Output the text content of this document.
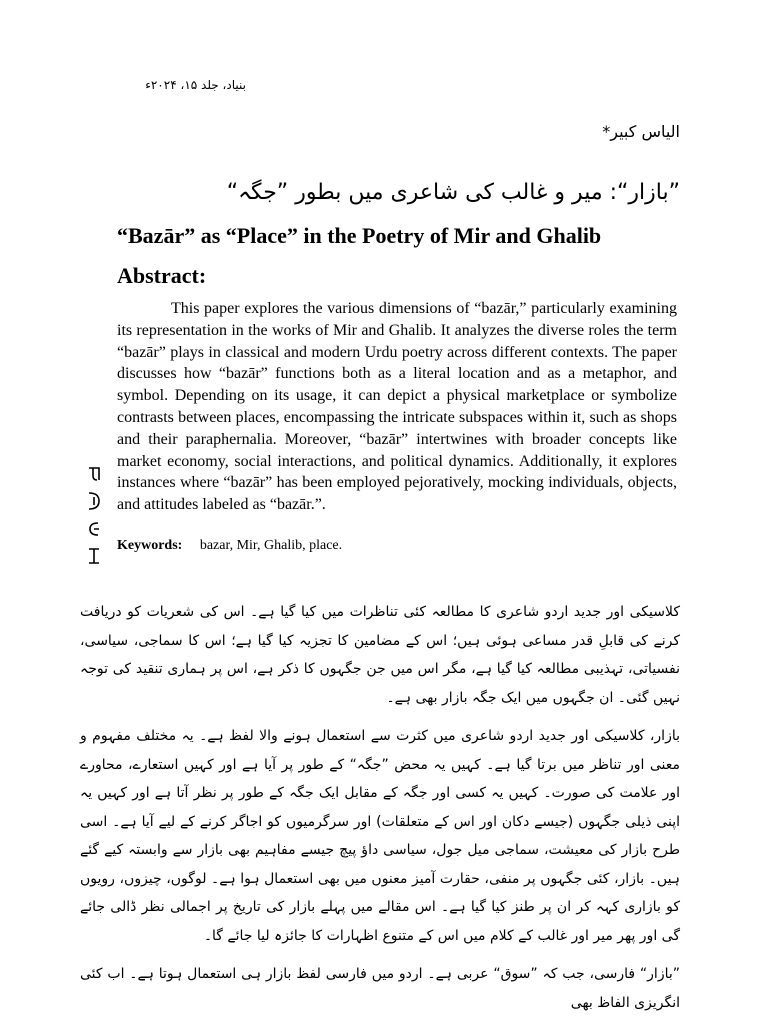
بنیاد، جلد ۱۵، ۲۰۲۴ء
الیاس کبیر*
”بازار“: میر و غالب کی شاعری میں بطور ”جگہ“
“Bazār” as “Place” in the Poetry of Mir and Ghalib
Abstract:

This paper explores the various dimensions of “bazār,” particularly examining its representation in the works of Mir and Ghalib. It analyzes the diverse roles the term “bazār” plays in classical and modern Urdu poetry across different contexts. The paper discusses how “bazār” functions both as a literal location and as a metaphor, and symbol. Depending on its usage, it can depict a physical marketplace or symbolize contrasts between places, encompassing the intricate subspaces within it, such as shops and their paraphernalia. Moreover, “bazār” intertwines with broader concepts like market economy, social interactions, and political dynamics. Additionally, it explores instances where “bazār” has been employed pejoratively, mocking individuals, objects, and attitudes labeled as “bazār.”.

Keywords: bazar, Mir, Ghalib, place.

کلاسیکی اور جدید اردو شاعری کا مطالعہ کئی تناظرات میں کیا گیا ہے۔ اس کی شعریات کو دریافت کرنے کی قابلِ قدر مساعی ہوئی ہیں؛ اس کے مضامین کا تجزیہ کیا گیا ہے؛ اس کا سماجی، سیاسی، نفسیاتی، تہذیبی مطالعہ کیا گیا ہے، مگر اس میں جن جگہوں کا ذکر ہے، اس پر ہماری تنقید کی توجہ نہیں گئی۔ ان جگہوں میں ایک جگہ بازار بھی ہے۔

بازار، کلاسیکی اور جدید اردو شاعری میں کثرت سے استعمال ہونے والا لفظ ہے۔ یہ مختلف مفہوم و معنی اور تناظر میں برتا گیا ہے۔ کہیں یہ محض ”جگہ“ کے طور پر آیا ہے اور کہیں استعارے، محاورے اور علامت کی صورت۔ کہیں یہ کسی اور جگہ کے مقابل ایک جگہ کے طور پر نظر آتا ہے اور کہیں یہ اپنی ذیلی جگہوں (جیسے دکان اور اس کے متعلقات) اور سرگرمیوں کو اجاگر کرنے کے لیے آیا ہے۔ اسی طرح بازار کی معیشت، سماجی میل جول، سیاسی داؤ پیچ جیسے مفاہیم بھی بازار سے وابستہ کیے گئے ہیں۔ بازار، کئی جگہوں پر منفی، حقارت آمیز معنوں میں بھی استعمال ہوا ہے۔ لوگوں، چیزوں، رویوں کو بازاری کہہ کر ان پر طنز کیا گیا ہے۔ اس مقالے میں پہلے بازار کی تاریخ پر اجمالی نظر ڈالی جائے گی اور پھر میر اور غالب کے کلام میں اس کے متنوع اظہارات کا جائزہ لیا جائے گا۔

”بازار“ فارسی، جب کہ ”سوق“ عربی ہے۔ اردو میں فارسی لفظ بازار ہی استعمال ہوتا ہے۔ اب کئی انگریزی الفاظ بھی
